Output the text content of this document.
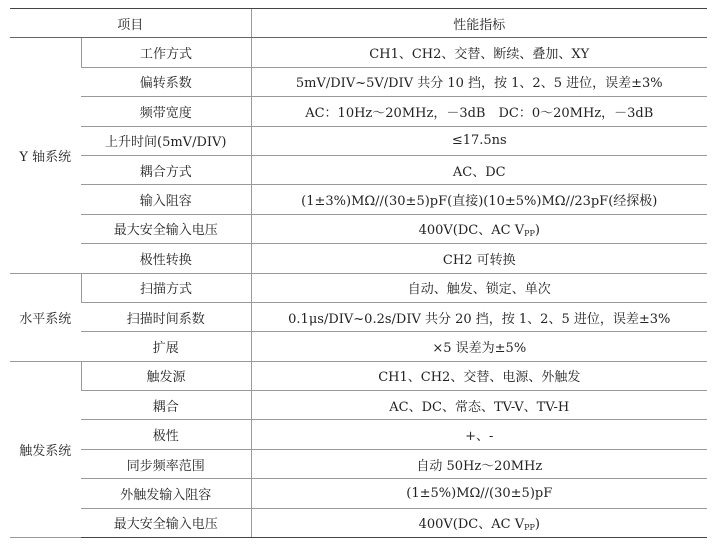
项目		性能指标
Y 轴系统	工作方式	CH1、CH2、交替、断续、叠加、XY
	偏转系数	5mV/DIV~5V/DIV 共分 10 挡，按 1、2、5 进位，误差±3%
	频带宽度	AC：10Hz～20MHz，－3dB　DC：0～20MHz，－3dB
	上升时间(5mV/DIV)	≤17.5ns
	耦合方式	AC、DC
	输入阻容	(1±3%)MΩ//(30±5)pF(直接)(10±5%)MΩ//23pF(经探极)
	最大安全输入电压	400V(DC、AC $V_{PP}$)
	极性转换	CH2 可转换
水平系统	扫描方式	自动、触发、锁定、单次
	扫描时间系数	0.1μs/DIV~0.2s/DIV 共分 20 挡，按 1、2、5 进位，误差±3%
	扩展	×5 误差为±5%
触发系统	触发源	CH1、CH2、交替、电源、外触发
	耦合	AC、DC、常态、TV-V、TV-H
	极性	+、-
	同步频率范围	自动 50Hz～20MHz
	外触发输入阻容	(1±5%)MΩ//(30±5)pF
	最大安全输入电压	400V(DC、AC $V_{PP}$)
